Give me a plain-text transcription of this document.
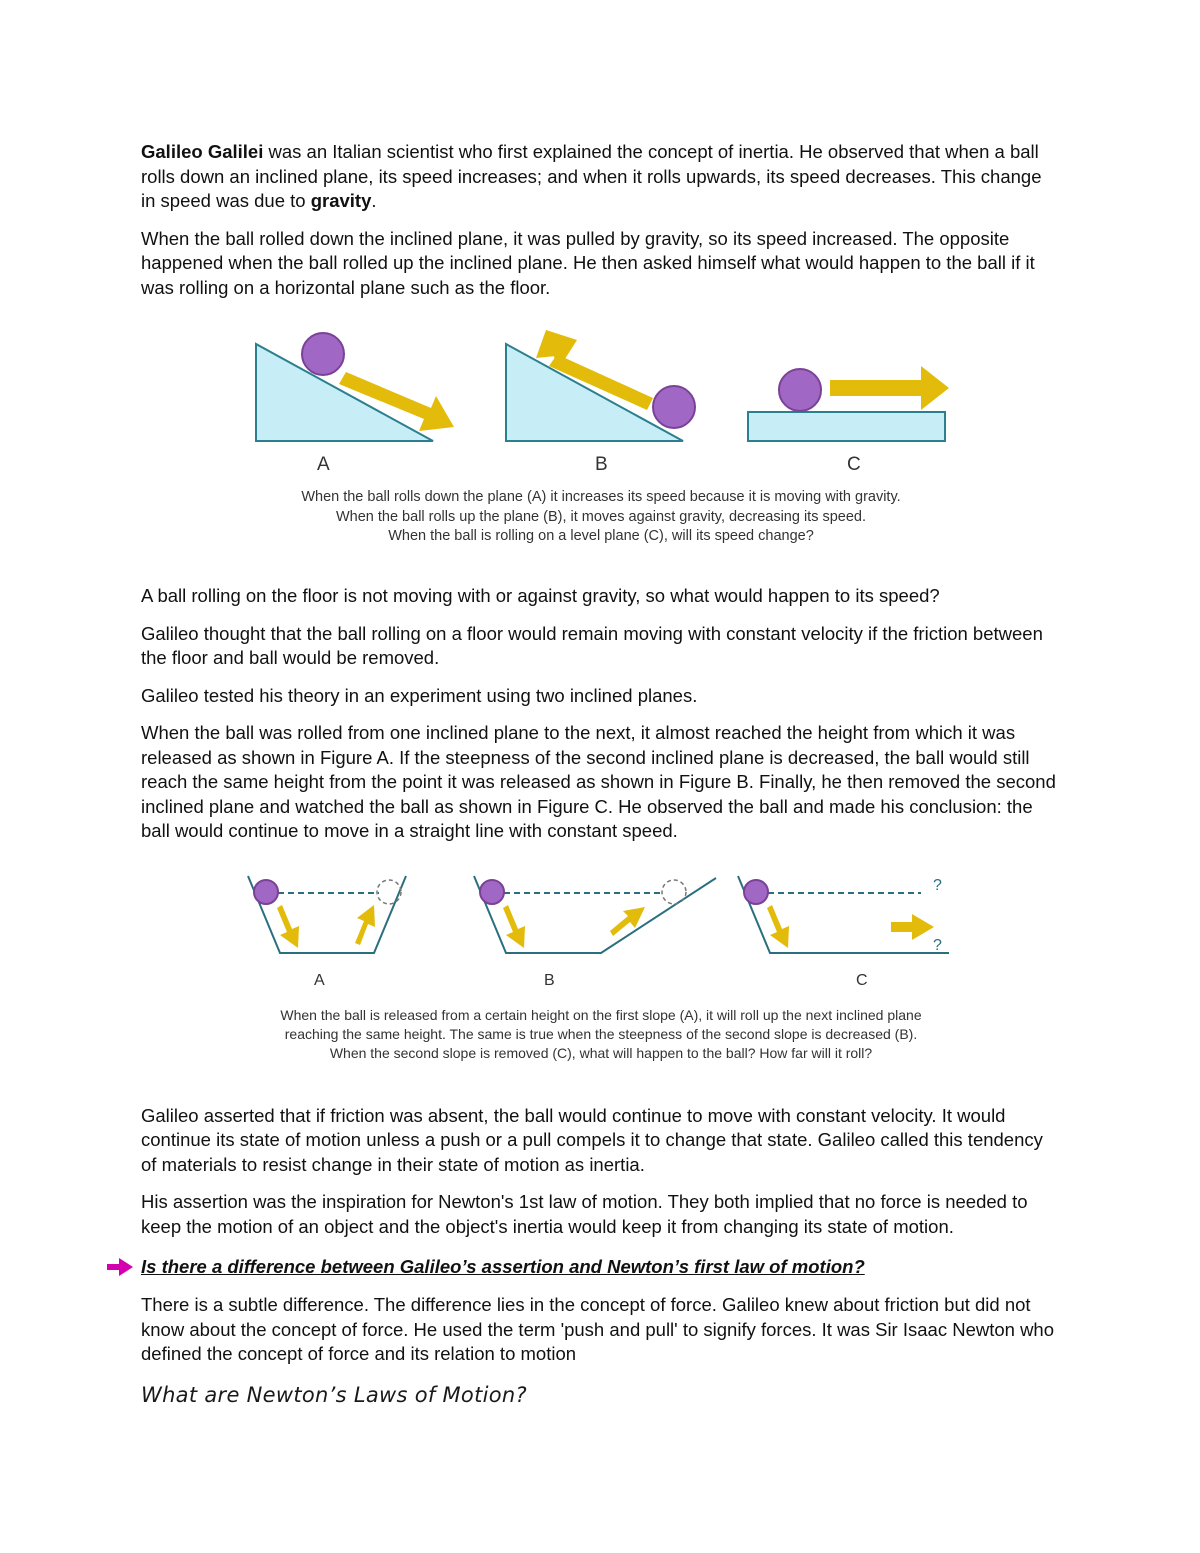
Galileo Galilei was an Italian scientist who first explained the concept of inertia. He observed that when a ball rolls down an inclined plane, its speed increases; and when it rolls upwards, its speed decreases. This change in speed was due to gravity.

When the ball rolled down the inclined plane, it was pulled by gravity, so its speed increased. The opposite happened when the ball rolled up the inclined plane. He then asked himself what would happen to the ball if it was rolling on a horizontal plane such as the floor.

A	B	C
When the ball rolls down the plane (A) it increases its speed because it is moving with gravity.
When the ball rolls up the plane (B), it moves against gravity, decreasing its speed.
When the ball is rolling on a level plane (C), will its speed change?

A ball rolling on the floor is not moving with or against gravity, so what would happen to its speed?

Galileo thought that the ball rolling on a floor would remain moving with constant velocity if the friction between the floor and ball would be removed.

Galileo tested his theory in an experiment using two inclined planes.

When the ball was rolled from one inclined plane to the next, it almost reached the height from which it was released as shown in Figure A. If the steepness of the second inclined plane is decreased, the ball would still reach the same height from the point it was released as shown in Figure B. Finally, he then removed the second inclined plane and watched the ball as shown in Figure C. He observed the ball and made his conclusion: the ball would continue to move in a straight line with constant speed.

?
?
A	B	C
When the ball is released from a certain height on the first slope (A), it will roll up the next inclined plane
reaching the same height. The same is true when the steepness of the second slope is decreased (B).
When the second slope is removed (C), what will happen to the ball? How far will it roll?

Galileo asserted that if friction was absent, the ball would continue to move with constant velocity. It would continue its state of motion unless a push or a pull compels it to change that state. Galileo called this tendency of materials to resist change in their state of motion as inertia.

His assertion was the inspiration for Newton's 1st law of motion. They both implied that no force is needed to keep the motion of an object and the object's inertia would keep it from changing its state of motion.

Is there a difference between Galileo’s assertion and Newton’s first law of motion?

There is a subtle difference. The difference lies in the concept of force. Galileo knew about friction but did not know about the concept of force. He used the term 'push and pull' to signify forces. It was Sir Isaac Newton who defined the concept of force and its relation to motion

What are Newton’s Laws of Motion?
